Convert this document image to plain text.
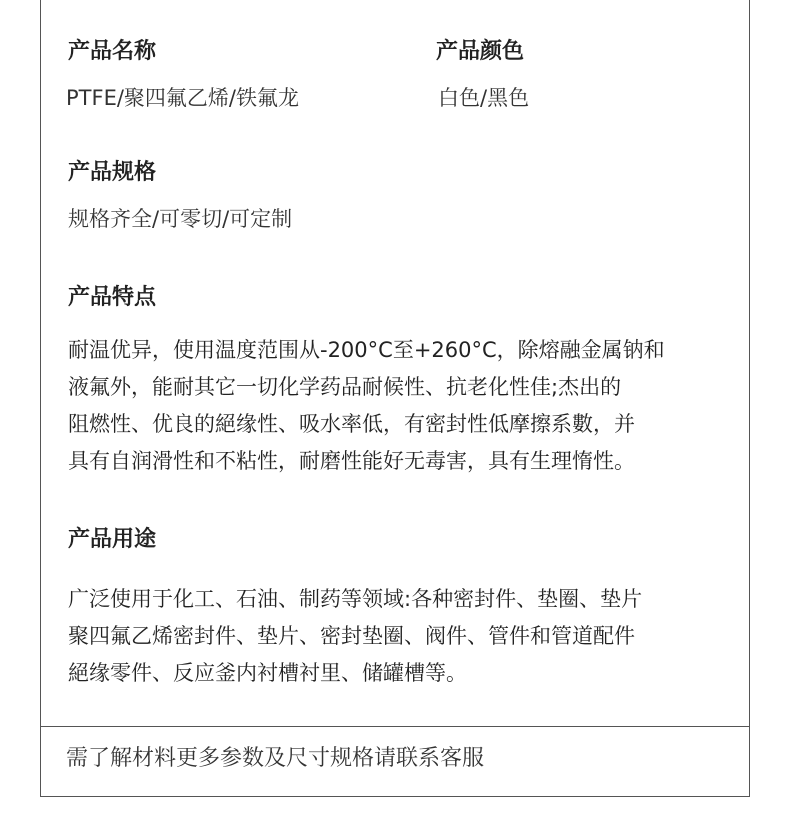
产品名称
PTFE/聚四氟乙烯/铁氟龙
产品颜色
白色/黑色
产品规格
规格齐全/可零切/可定制
产品特点
耐温优异，使用温度范围从-200°C至+260°C，除熔融金属钠和
液氟外，能耐其它一切化学药品耐候性、抗老化性佳;杰出的
阻燃性、优良的絕缘性、吸水率低，有密封性低摩擦系數，并
具有自润滑性和不粘性，耐磨性能好无毒害，具有生理惰性。
产品用途
广泛使用于化工、石油、制药等领域:各种密封件、垫圈、垫片
聚四氟乙烯密封件、垫片、密封垫圈、阀件、管件和管道配件
絕缘零件、反应釜内衬槽衬里、储罐槽等。
需了解材料更多参数及尺寸规格请联系客服
